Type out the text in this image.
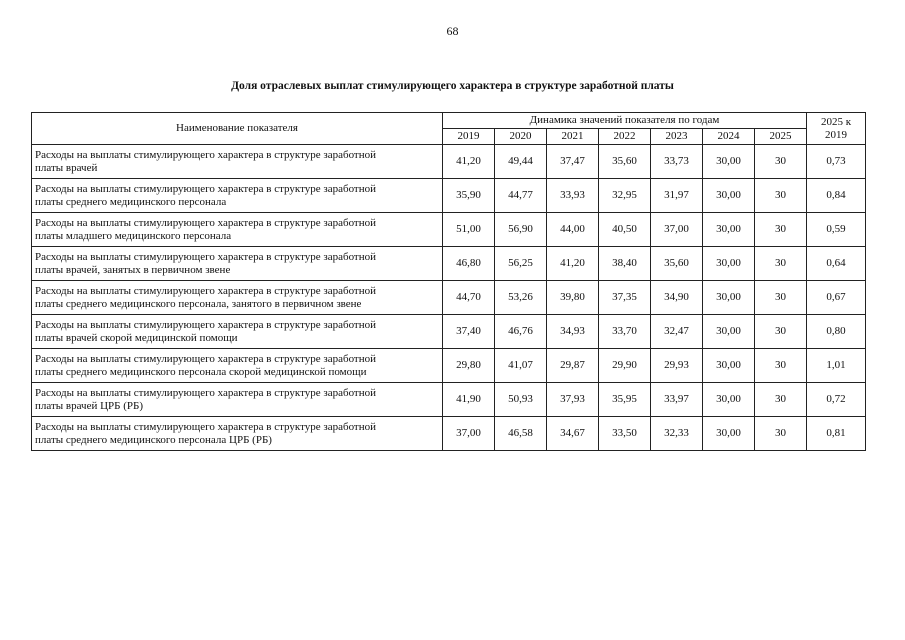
68
Доля отраслевых выплат стимулирующего характера в структуре заработной платы
Наименование показателя	Динамика значений показателя по годам							2025 к
2019
	2019	2020	2021	2022	2023	2024	2025	
Расходы на выплаты стимулирующего характера в структуре заработной
платы врачей	41,20	49,44	37,47	35,60	33,73	30,00	30	0,73
Расходы на выплаты стимулирующего характера в структуре заработной
платы среднего медицинского персонала	35,90	44,77	33,93	32,95	31,97	30,00	30	0,84
Расходы на выплаты стимулирующего характера в структуре заработной
платы младшего медицинского персонала	51,00	56,90	44,00	40,50	37,00	30,00	30	0,59
Расходы на выплаты стимулирующего характера в структуре заработной
платы врачей, занятых в первичном звене	46,80	56,25	41,20	38,40	35,60	30,00	30	0,64
Расходы на выплаты стимулирующего характера в структуре заработной
платы среднего медицинского персонала, занятого в первичном звене	44,70	53,26	39,80	37,35	34,90	30,00	30	0,67
Расходы на выплаты стимулирующего характера в структуре заработной
платы врачей скорой медицинской помощи	37,40	46,76	34,93	33,70	32,47	30,00	30	0,80
Расходы на выплаты стимулирующего характера в структуре заработной
платы среднего медицинского персонала скорой медицинской помощи	29,80	41,07	29,87	29,90	29,93	30,00	30	1,01
Расходы на выплаты стимулирующего характера в структуре заработной
платы врачей ЦРБ (РБ)	41,90	50,93	37,93	35,95	33,97	30,00	30	0,72
Расходы на выплаты стимулирующего характера в структуре заработной
платы среднего медицинского персонала ЦРБ (РБ)	37,00	46,58	34,67	33,50	32,33	30,00	30	0,81
